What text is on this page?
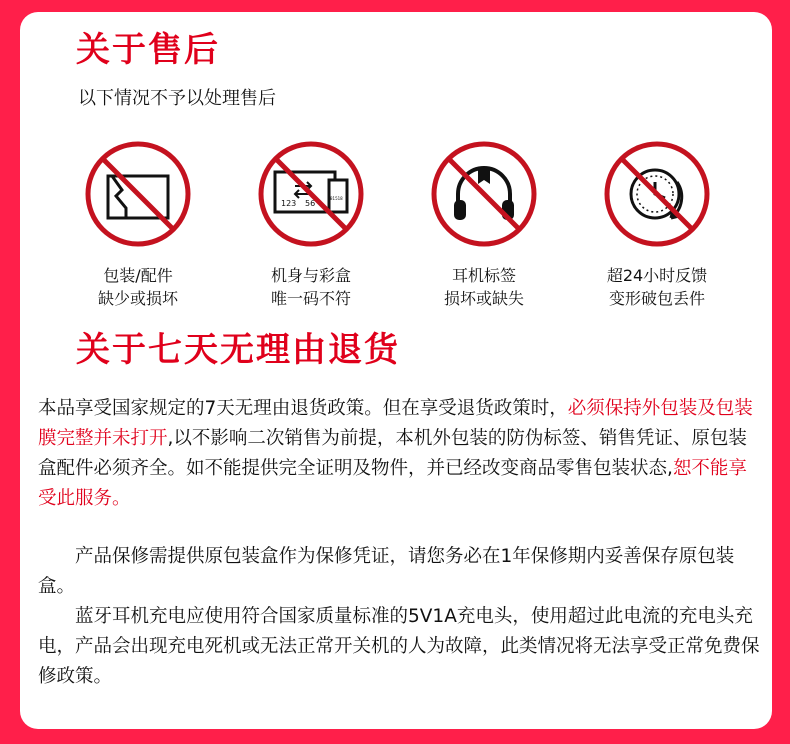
关于售后
以下情况不予以处理售后
包装/配件
缺少或损坏
123 56
81518
机身与彩盒
唯一码不符
耳机标签
损坏或缺失
超24小时反馈
变形破包丢件
关于七天无理由退货

本品享受国家规定的7天无理由退货政策。但在享受退货政策时，必须保持外包装及包装膜完整并未打开,以不影响二次销售为前提，本机外包装的防伪标签、销售凭证、原包装盒配件必须齐全。如不能提供完全证明及物件，并已经改变商品零售包装状态,恕不能享受此服务。

产品保修需提供原包装盒作为保修凭证，请您务必在1年保修期内妥善保存原包装盒。

蓝牙耳机充电应使用符合国家质量标准的5V1A充电头，使用超过此电流的充电头充电，产品会出现充电死机或无法正常开关机的人为故障，此类情况将无法享受正常免费保修政策。
